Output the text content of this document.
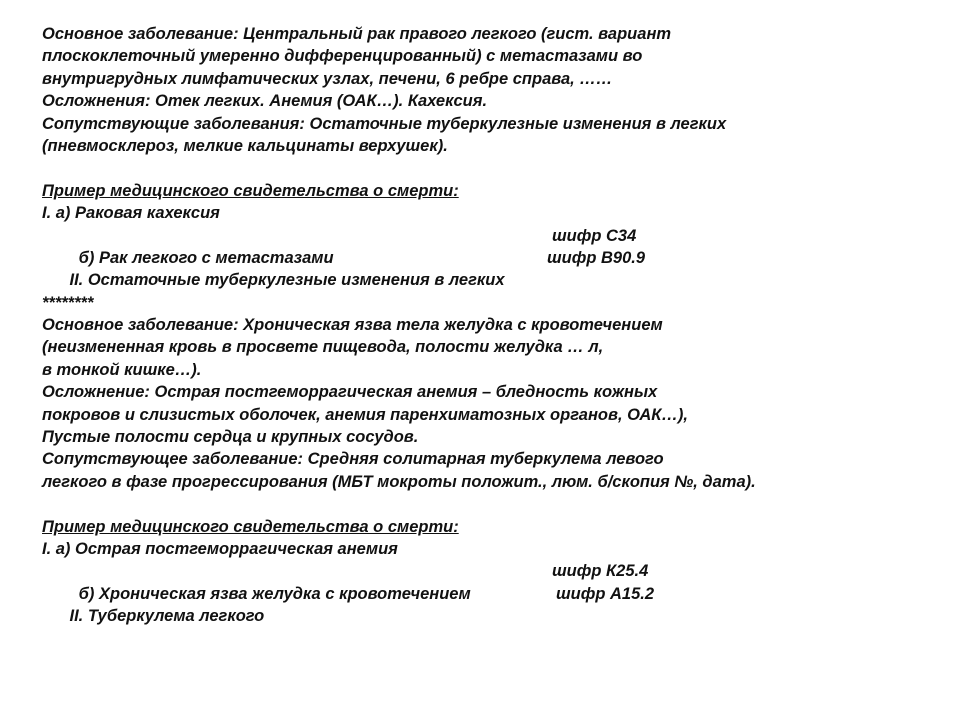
Основное заболевание: Центральный рак правого легкого (гист. вариант
плоскоклеточный умеренно дифференцированный) с метастазами во
внутригрудных лимфатических узлах, печени, 6 ребре справа, ……
Осложнения: Отек легких. Анемия (ОАК…). Кахексия.
Сопутствующие заболевания: Остаточные туберкулезные изменения в легких
(пневмосклероз, мелкие кальцинаты верхушек).
Пример медицинского свидетельства о смерти:
I. а) Раковая кахексия

б) Рак легкого с метастазами

шифр С34

II. Остаточные туберкулезные изменения в легких

шифр В90.9

********
Основное заболевание: Хроническая язва тела желудка с кровотечением
(неизмененная кровь в просвете пищевода, полости желудка … л,
в тонкой кишке…).
Осложнение: Острая постгеморрагическая анемия – бледность кожных
покровов и слизистых оболочек, анемия паренхиматозных органов, ОАК…),
Пустые полости сердца и крупных сосудов.
Сопутствующее заболевание: Средняя солитарная туберкулема левого
легкого в фазе прогрессирования (МБТ мокроты положит., люм. б/скопия №, дата).
Пример медицинского свидетельства о смерти:
I. а) Острая постгеморрагическая анемия

б) Хроническая язва желудка с кровотечением

шифр К25.4

II. Туберкулема легкого

шифр А15.2
